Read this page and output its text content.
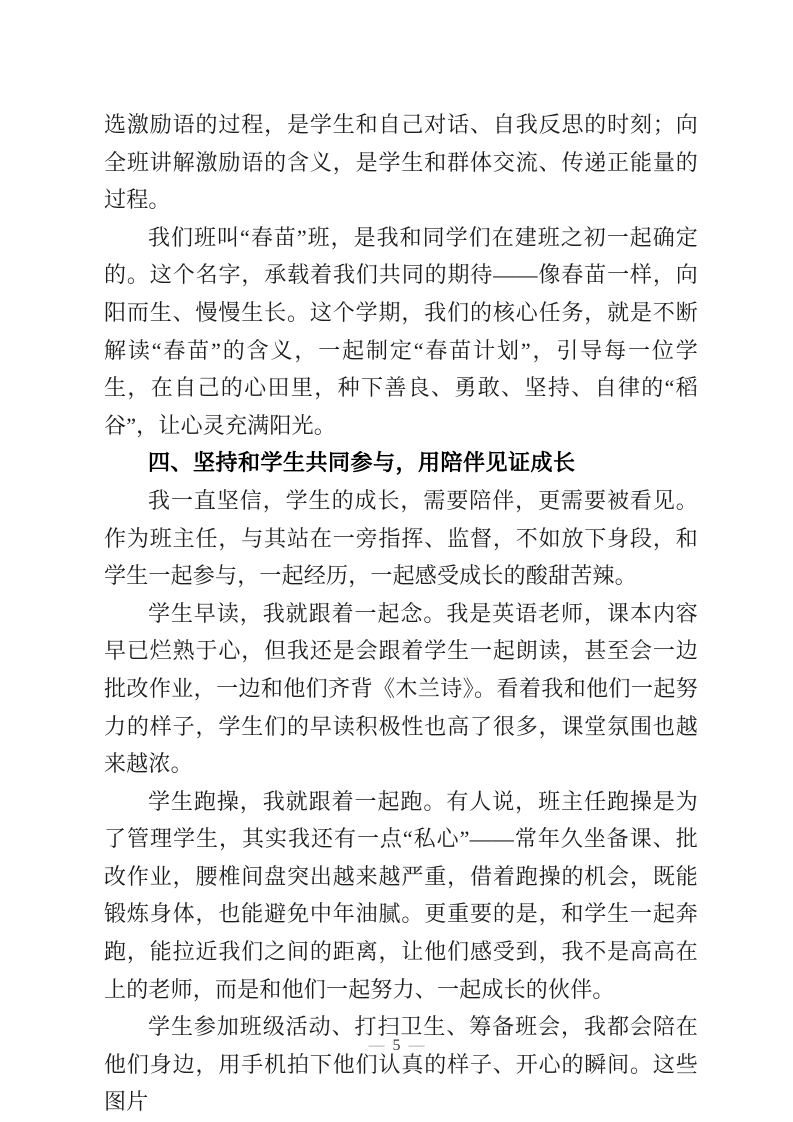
选激励语的过程，是学生和自己对话、自我反思的时刻；向全班讲解激励语的含义，是学生和群体交流、传递正能量的过程。

我们班叫“春苗”班，是我和同学们在建班之初一起确定的。这个名字，承载着我们共同的期待——像春苗一样，向阳而生、慢慢生长。这个学期，我们的核心任务，就是不断解读“春苗”的含义，一起制定“春苗计划”，引导每一位学生，在自己的心田里，种下善良、勇敢、坚持、自律的“稻谷”，让心灵充满阳光。

四、坚持和学生共同参与，用陪伴见证成长

我一直坚信，学生的成长，需要陪伴，更需要被看见。作为班主任，与其站在一旁指挥、监督，不如放下身段，和学生一起参与，一起经历，一起感受成长的酸甜苦辣。

学生早读，我就跟着一起念。我是英语老师，课本内容早已烂熟于心，但我还是会跟着学生一起朗读，甚至会一边批改作业，一边和他们齐背《木兰诗》。看着我和他们一起努力的样子，学生们的早读积极性也高了很多，课堂氛围也越来越浓。

学生跑操，我就跟着一起跑。有人说，班主任跑操是为了管理学生，其实我还有一点“私心”——常年久坐备课、批改作业，腰椎间盘突出越来越严重，借着跑操的机会，既能锻炼身体，也能避免中年油腻。更重要的是，和学生一起奔跑，能拉近我们之间的距离，让他们感受到，我不是高高在上的老师，而是和他们一起努力、一起成长的伙伴。

学生参加班级活动、打扫卫生、筹备班会，我都会陪在他们身边，用手机拍下他们认真的样子、开心的瞬间。这些图片

— 5 —
